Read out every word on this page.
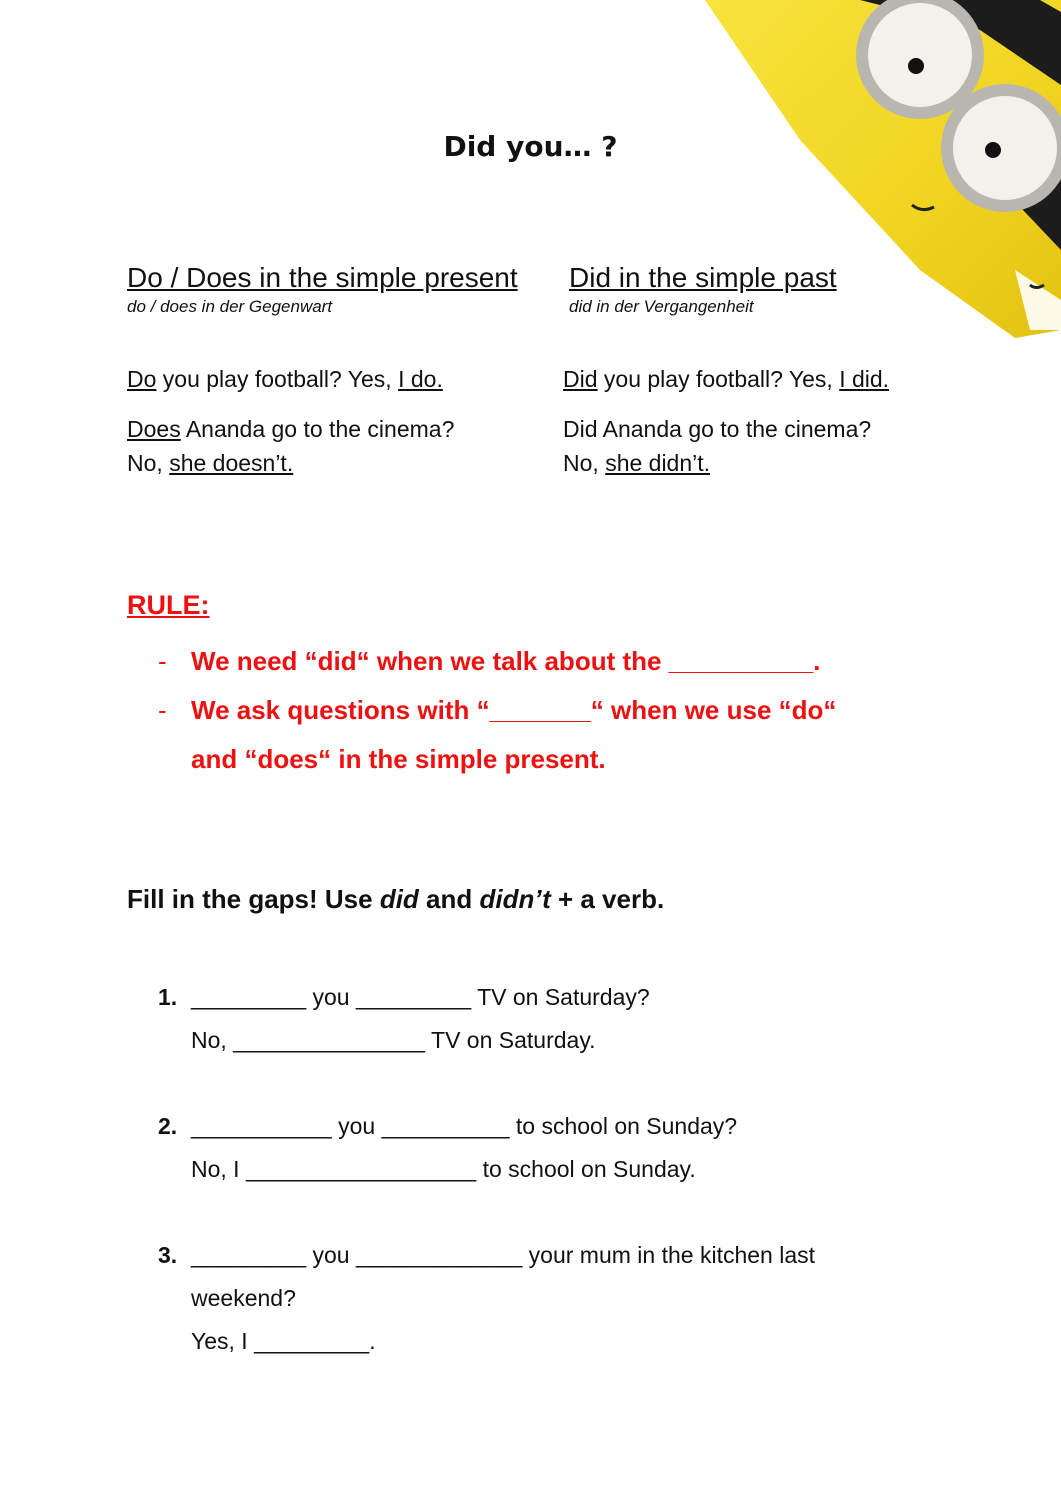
Did you… ?
Do / Does in the simple present
do / does in der Gegenwart
Do you play football? Yes, I do.
Does Ananda go to the cinema?
No, she doesn’t.
Did in the simple past
did in der Vergangenheit
Did you play football? Yes, I did.
Did Ananda go to the cinema?
No, she didn’t.
RULE:
- We need “did“ when we talk about the __________.
- We ask questions with “_______“ when we use “do“
and “does“ in the simple present.
Fill in the gaps! Use did and didn’t + a verb.
1. _________ you _________ TV on Saturday?
No, _______________ TV on Saturday.
2. ___________ you __________ to school on Sunday?
No, I __________________ to school on Sunday.
3. _________ you _____________ your mum in the kitchen last
weekend?
Yes, I _________.
